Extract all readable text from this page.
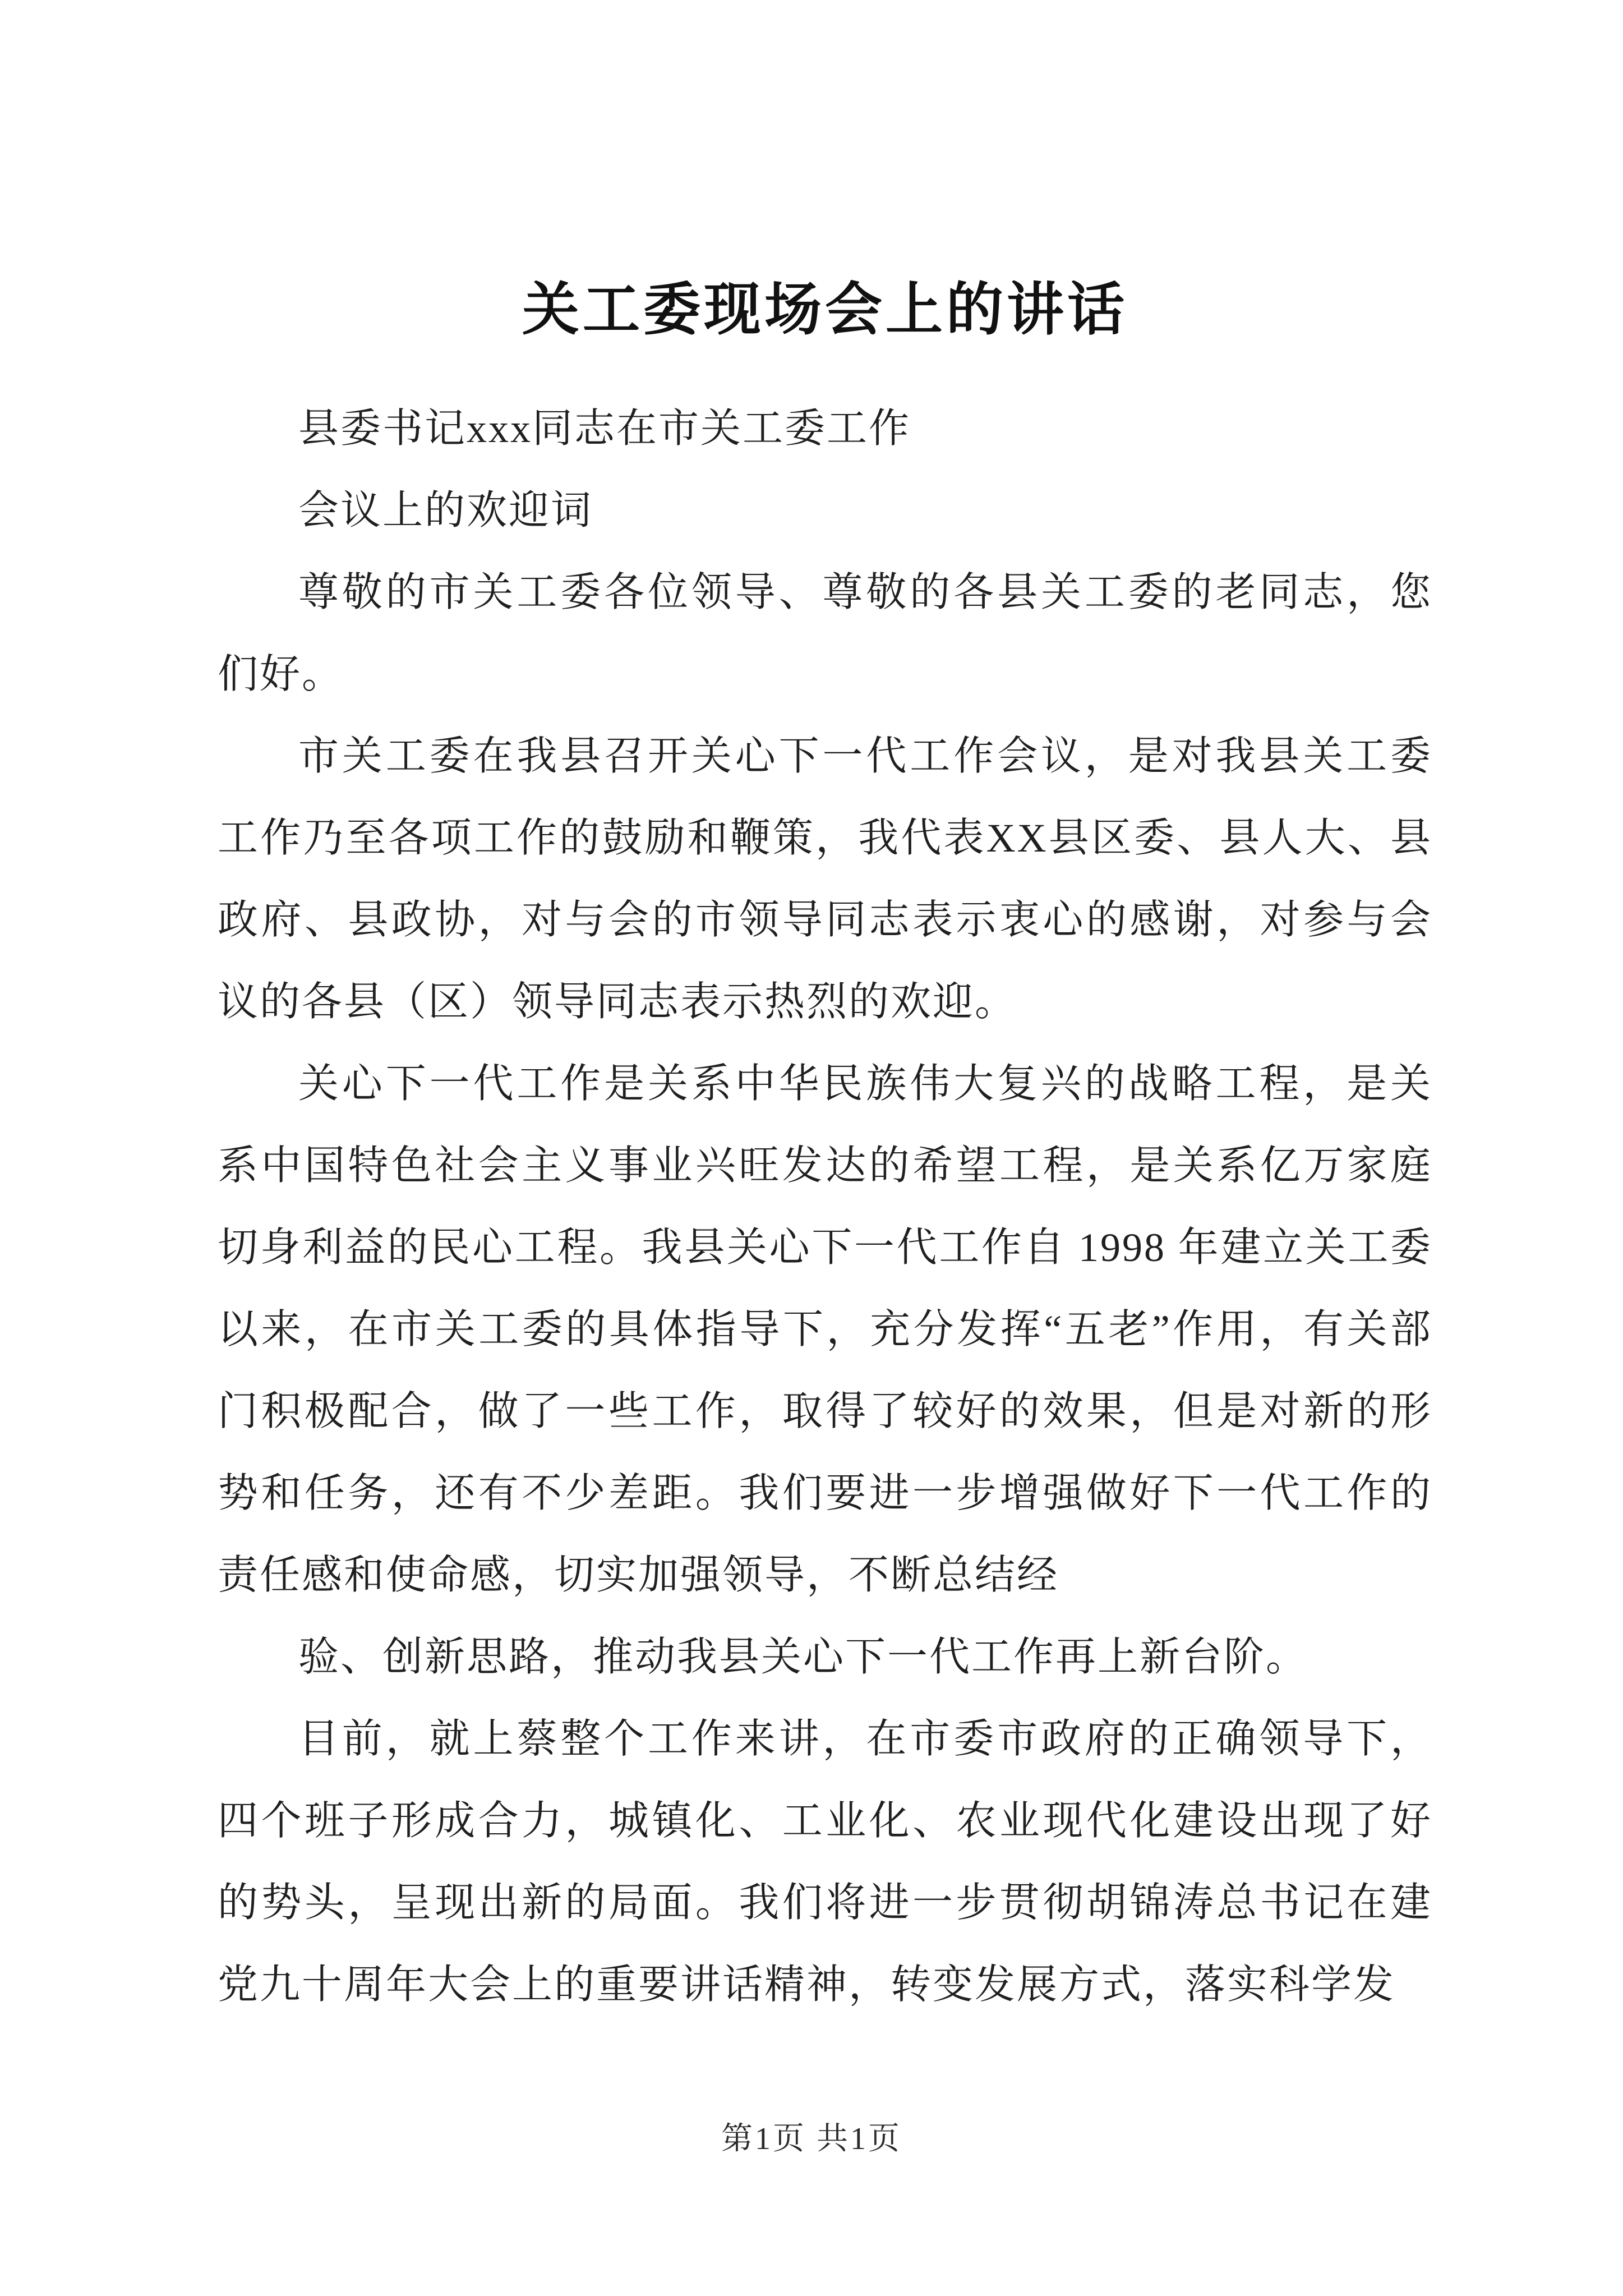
关工委现场会上的讲话

县委书记xxx同志在市关工委工作

会议上的欢迎词

尊敬的市关工委各位领导、尊敬的各县关工委的老同志，您们好。

市关工委在我县召开关心下一代工作会议，是对我县关工委工作乃至各项工作的鼓励和鞭策，我代表XX县区委、县人大、县政府、县政协，对与会的市领导同志表示衷心的感谢，对参与会议的各县（区）领导同志表示热烈的欢迎。

关心下一代工作是关系中华民族伟大复兴的战略工程，是关系中国特色社会主义事业兴旺发达的希望工程，是关系亿万家庭切身利益的民心工程。我县关心下一代工作自 1998 年建立关工委以来，在市关工委的具体指导下，充分发挥“五老”作用，有关部门积极配合，做了一些工作，取得了较好的效果，但是对新的形势和任务，还有不少差距。我们要进一步增强做好下一代工作的责任感和使命感，切实加强领导，不断总结经

验、创新思路，推动我县关心下一代工作再上新台阶。

目前，就上蔡整个工作来讲，在市委市政府的正确领导下，四个班子形成合力，城镇化、工业化、农业现代化建设出现了好的势头，呈现出新的局面。我们将进一步贯彻胡锦涛总书记在建党九十周年大会上的重要讲话精神，转变发展方式，落实科学发

第1页 共1页
